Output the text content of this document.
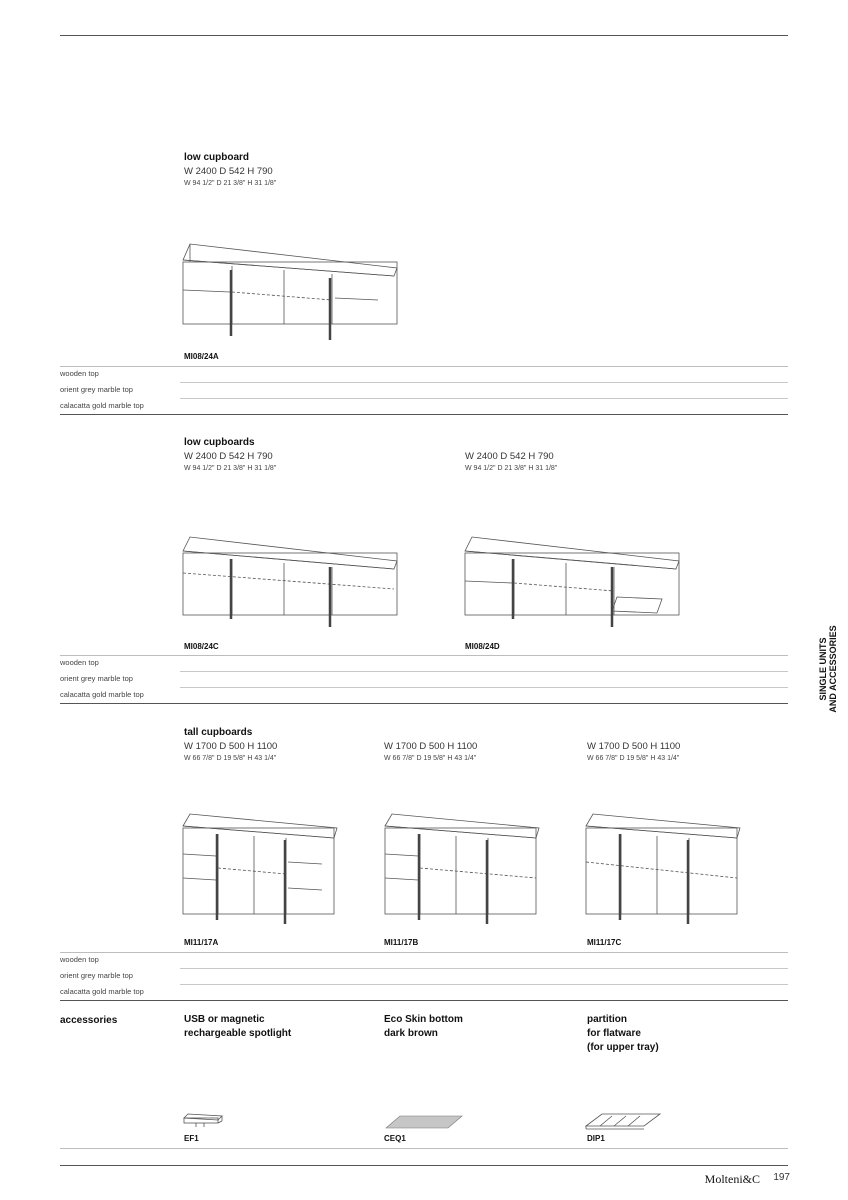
low cupboard
W 2400 D 542 H 790
W 94 1/2" D 21 3/8" H 31 1/8"
MI08/24A
wooden top
orient grey marble top
calacatta gold marble top
low cupboards
W 2400 D 542 H 790
W 94 1/2" D 21 3/8" H 31 1/8"
W 2400 D 542 H 790
W 94 1/2" D 21 3/8" H 31 1/8"
MI08/24C	MI08/24D
wooden top
orient grey marble top
calacatta gold marble top
tall cupboards
W 1700 D 500 H 1100
W 66 7/8" D 19 5/8" H 43 1/4"
W 1700 D 500 H 1100
W 66 7/8" D 19 5/8" H 43 1/4"
W 1700 D 500 H 1100
W 66 7/8" D 19 5/8" H 43 1/4"
MI11/17A	MI11/17B	MI11/17C
wooden top
orient grey marble top
calacatta gold marble top
accessories	USB or magnetic
rechargeable spotlight
Eco Skin bottom
dark brown
partition
for flatware
(for upper tray)
EF1	CEQ1	DIP1
SINGLE UNITS
AND ACCESSORIES
Molteni&C 197
